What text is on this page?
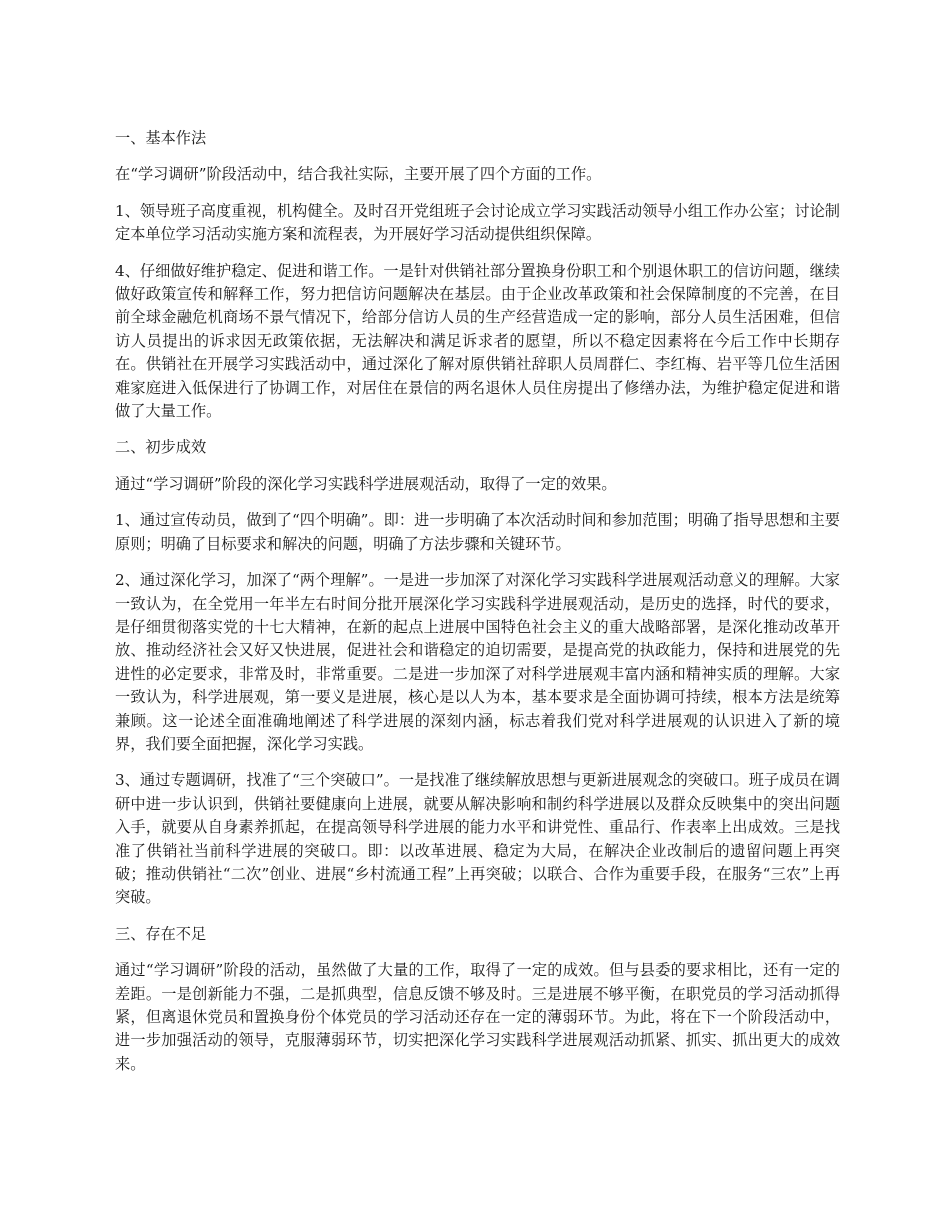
一、基本作法

在“学习调研”阶段活动中，结合我社实际，主要开展了四个方面的工作。

1、领导班子高度重视，机构健全。及时召开党组班子会讨论成立学习实践活动领导小组工作办公室；讨论制定本单位学习活动实施方案和流程表，为开展好学习活动提供组织保障。

4、仔细做好维护稳定、促进和谐工作。一是针对供销社部分置换身份职工和个别退休职工的信访问题，继续做好政策宣传和解释工作，努力把信访问题解决在基层。由于企业改革政策和社会保障制度的不完善，在目前全球金融危机商场不景气情况下，给部分信访人员的生产经营造成一定的影响，部分人员生活困难，但信访人员提出的诉求因无政策依据，无法解决和满足诉求者的愿望，所以不稳定因素将在今后工作中长期存在。供销社在开展学习实践活动中，通过深化了解对原供销社辞职人员周群仁、李红梅、岩平等几位生活困难家庭进入低保进行了协调工作，对居住在景信的两名退休人员住房提出了修缮办法，为维护稳定促进和谐做了大量工作。

二、初步成效

通过“学习调研”阶段的深化学习实践科学进展观活动，取得了一定的效果。

1、通过宣传动员，做到了“四个明确”。即：进一步明确了本次活动时间和参加范围；明确了指导思想和主要原则；明确了目标要求和解决的问题，明确了方法步骤和关键环节。

2、通过深化学习，加深了“两个理解”。一是进一步加深了对深化学习实践科学进展观活动意义的理解。大家一致认为，在全党用一年半左右时间分批开展深化学习实践科学进展观活动，是历史的选择，时代的要求，是仔细贯彻落实党的十七大精神，在新的起点上进展中国特色社会主义的重大战略部署，是深化推动改革开放、推动经济社会又好又快进展，促进社会和谐稳定的迫切需要，是提高党的执政能力，保持和进展党的先进性的必定要求，非常及时，非常重要。二是进一步加深了对科学进展观丰富内涵和精神实质的理解。大家一致认为，科学进展观，第一要义是进展，核心是以人为本，基本要求是全面协调可持续，根本方法是统筹兼顾。这一论述全面准确地阐述了科学进展的深刻内涵，标志着我们党对科学进展观的认识进入了新的境界，我们要全面把握，深化学习实践。

3、通过专题调研，找准了“三个突破口”。一是找准了继续解放思想与更新进展观念的突破口。班子成员在调研中进一步认识到，供销社要健康向上进展，就要从解决影响和制约科学进展以及群众反映集中的突出问题入手，就要从自身素养抓起，在提高领导科学进展的能力水平和讲党性、重品行、作表率上出成效。三是找准了供销社当前科学进展的突破口。即：以改革进展、稳定为大局，在解决企业改制后的遗留问题上再突破；推动供销社“二次”创业、进展“乡村流通工程”上再突破；以联合、合作为重要手段，在服务“三农”上再突破。

三、存在不足

通过“学习调研”阶段的活动，虽然做了大量的工作，取得了一定的成效。但与县委的要求相比，还有一定的差距。一是创新能力不强，二是抓典型，信息反馈不够及时。三是进展不够平衡，在职党员的学习活动抓得紧，但离退休党员和置换身份个体党员的学习活动还存在一定的薄弱环节。为此，将在下一个阶段活动中，进一步加强活动的领导，克服薄弱环节，切实把深化学习实践科学进展观活动抓紧、抓实、抓出更大的成效来。
